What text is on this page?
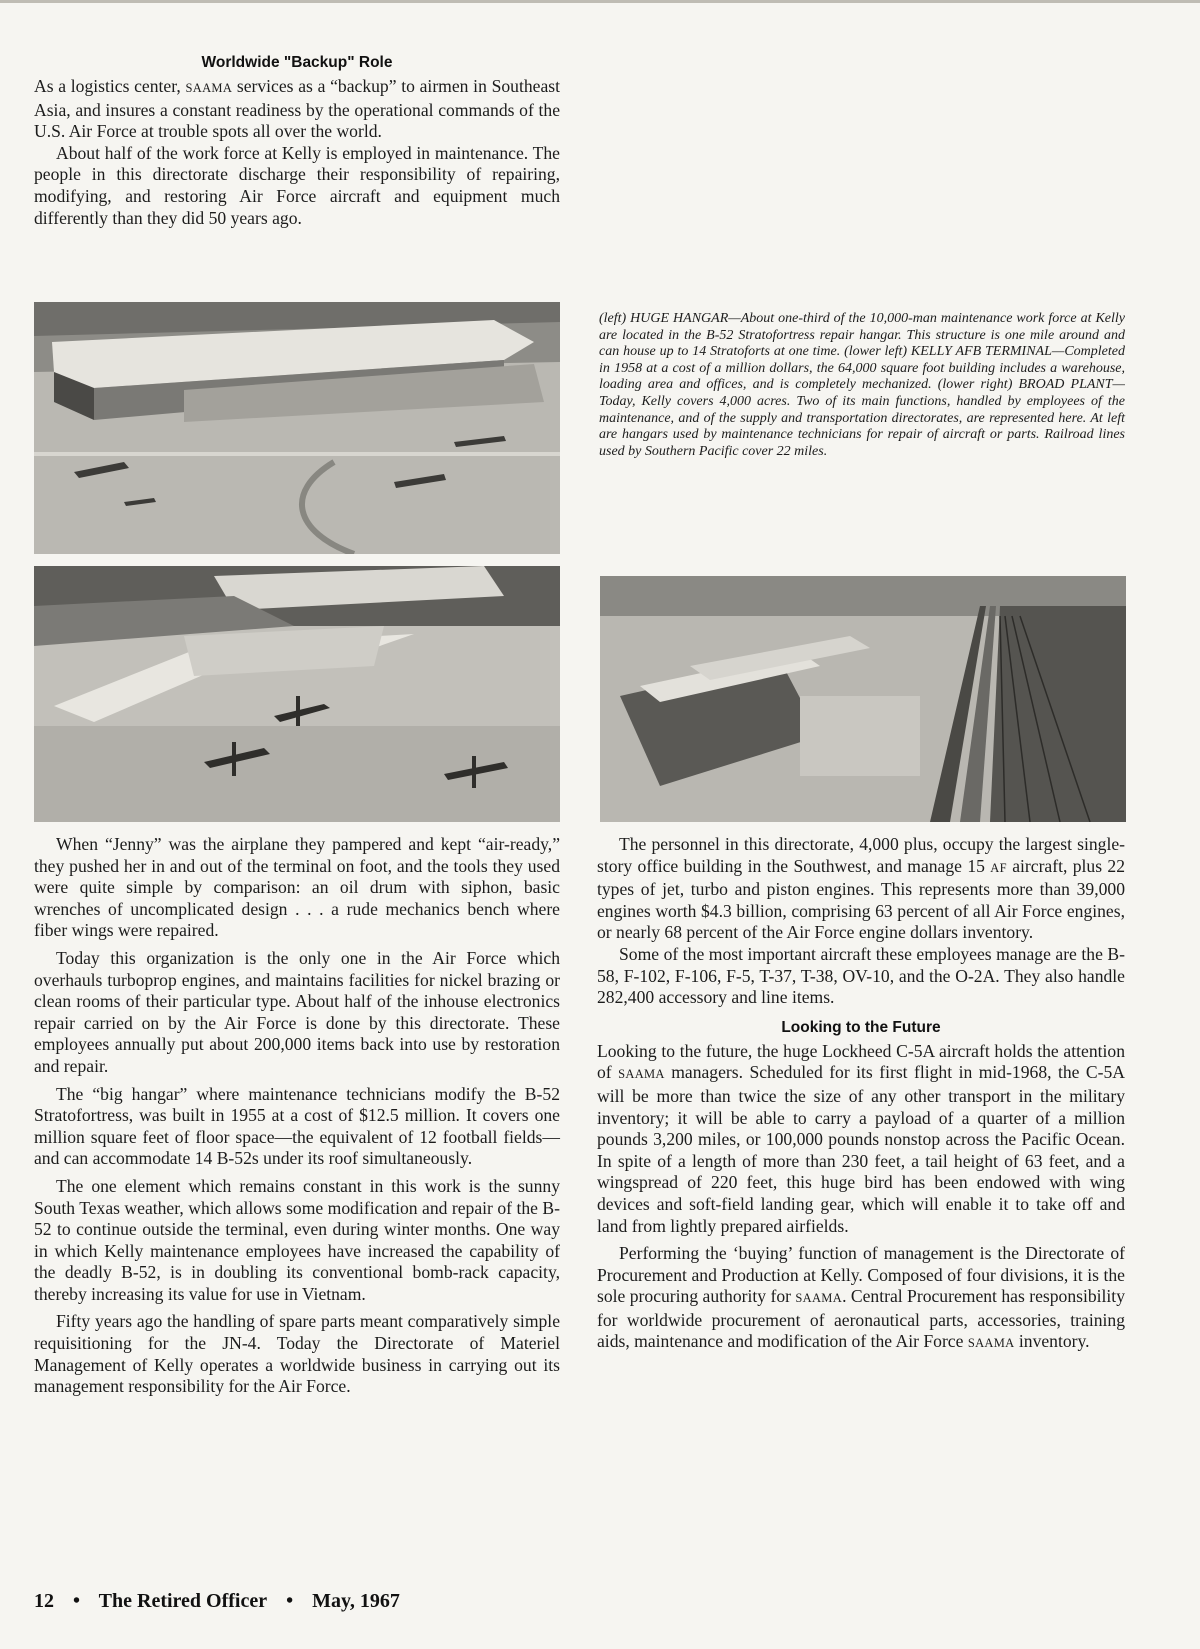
Worldwide "Backup" Role

As a logistics center, SAAMA services as a “backup” to airmen in Southeast Asia, and insures a constant readiness by the operational commands of the U.S. Air Force at trouble spots all over the world.

About half of the work force at Kelly is employed in maintenance. The people in this directorate discharge their responsibility of repairing, modifying, and restoring Air Force aircraft and equipment much differently than they did 50 years ago.

(left) HUGE HANGAR—About one-third of the 10,000-man maintenance work force at Kelly are located in the B-52 Stratofortress repair hangar. This structure is one mile around and can house up to 14 Stratoforts at one time. (lower left) KELLY AFB TERMINAL—Completed in 1958 at a cost of a million dollars, the 64,000 square foot building includes a warehouse, loading area and offices, and is completely mechanized. (lower right) BROAD PLANT—Today, Kelly covers 4,000 acres. Two of its main functions, handled by employees of the maintenance, and of the supply and transportation directorates, are represented here. At left are hangars used by maintenance technicians for repair of aircraft or parts. Railroad lines used by Southern Pacific cover 22 miles.

When “Jenny” was the airplane they pampered and kept “air-ready,” they pushed her in and out of the terminal on foot, and the tools they used were quite simple by comparison: an oil drum with siphon, basic wrenches of uncomplicated design . . . a rude mechanics bench where fiber wings were repaired.

Today this organization is the only one in the Air Force which overhauls turboprop engines, and maintains facilities for nickel brazing or clean rooms of their particular type. About half of the inhouse electronics repair carried on by the Air Force is done by this directorate. These employees annually put about 200,000 items back into use by restoration and repair.

The “big hangar” where maintenance technicians modify the B-52 Stratofortress, was built in 1955 at a cost of $12.5 million. It covers one million square feet of floor space—the equivalent of 12 football fields—and can accommodate 14 B-52s under its roof simultaneously.

The one element which remains constant in this work is the sunny South Texas weather, which allows some modification and repair of the B-52 to continue outside the terminal, even during winter months. One way in which Kelly maintenance employees have increased the capability of the deadly B-52, is in doubling its conventional bomb-rack capacity, thereby increasing its value for use in Vietnam.

Fifty years ago the handling of spare parts meant comparatively simple requisitioning for the JN-4. Today the Directorate of Materiel Management of Kelly operates a worldwide business in carrying out its management responsibility for the Air Force.

The personnel in this directorate, 4,000 plus, occupy the largest single-story office building in the Southwest, and manage 15 AF aircraft, plus 22 types of jet, turbo and piston engines. This represents more than 39,000 engines worth $4.3 billion, comprising 63 percent of all Air Force engines, or nearly 68 percent of the Air Force engine dollars inventory.

Some of the most important aircraft these employees manage are the B-58, F-102, F-106, F-5, T-37, T-38, OV-10, and the O-2A. They also handle 282,400 accessory and line items.

Looking to the Future

Looking to the future, the huge Lockheed C-5A aircraft holds the attention of SAAMA managers. Scheduled for its first flight in mid-1968, the C-5A will be more than twice the size of any other transport in the military inventory; it will be able to carry a payload of a quarter of a million pounds 3,200 miles, or 100,000 pounds nonstop across the Pacific Ocean. In spite of a length of more than 230 feet, a tail height of 63 feet, and a wingspread of 220 feet, this huge bird has been endowed with wing devices and soft-field landing gear, which will enable it to take off and land from lightly prepared airfields.

Performing the ‘buying’ function of management is the Directorate of Procurement and Production at Kelly. Composed of four divisions, it is the sole procuring authority for SAAMA. Central Procurement has responsibility for worldwide procurement of aeronautical parts, accessories, training aids, maintenance and modification of the Air Force SAAMA inventory.

12 • The Retired Officer • May, 1967
